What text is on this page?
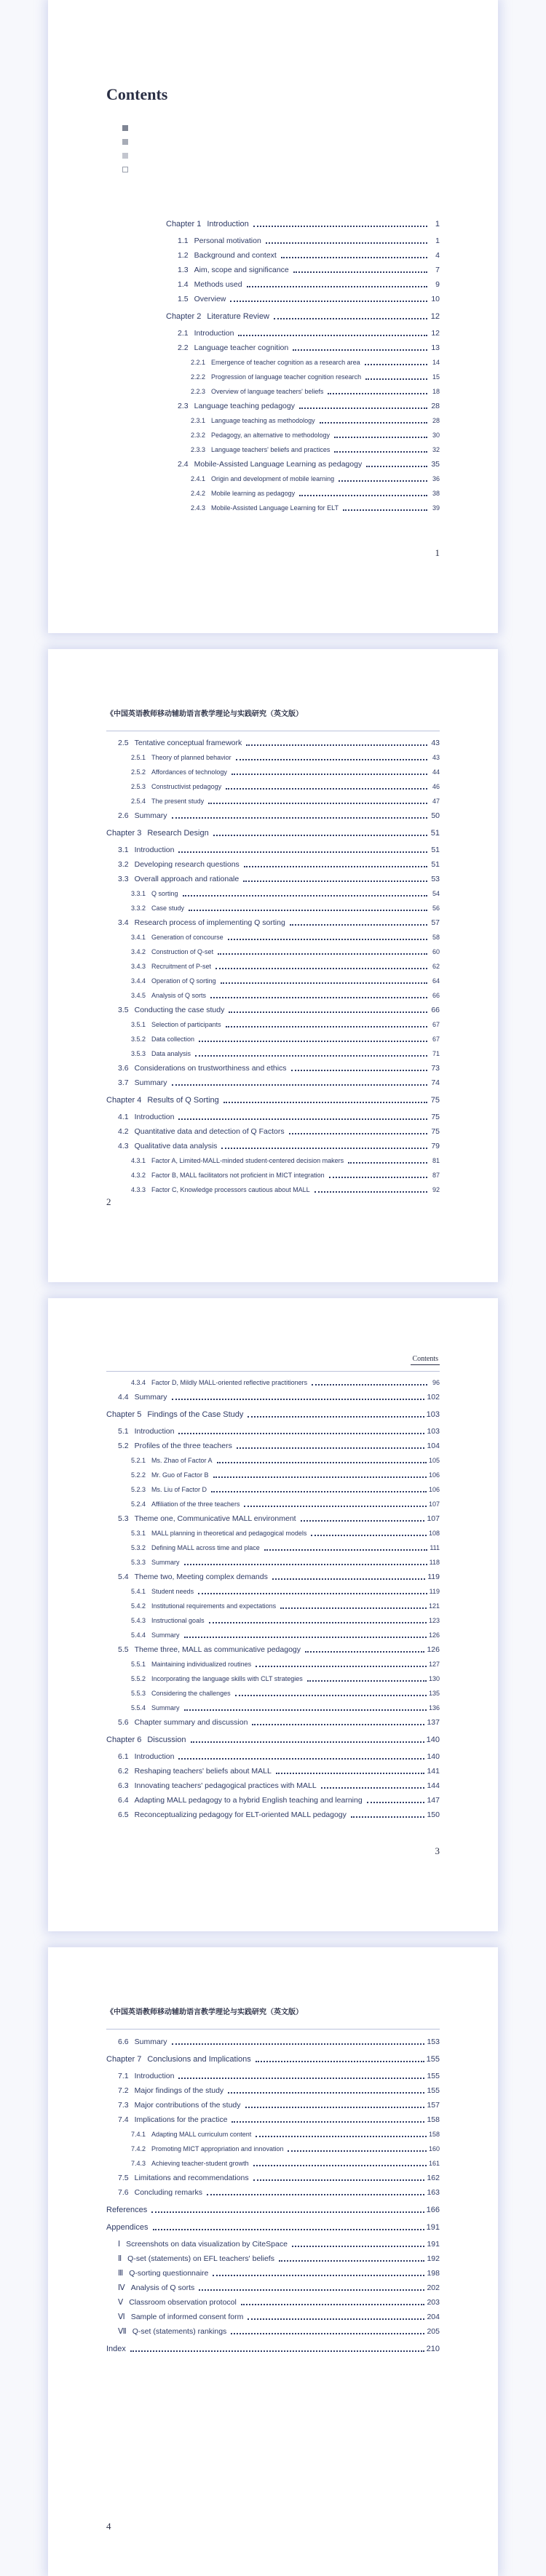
Contents
Chapter 1 Introduction	1
1.1 Personal motivation	1
1.2 Background and context	4
1.3 Aim, scope and significance	7
1.4 Methods used	9
1.5 Overview	10
Chapter 2 Literature Review	12
2.1 Introduction	12
2.2 Language teacher cognition	13
2.2.1 Emergence of teacher cognition as a research area	14
2.2.2 Progression of language teacher cognition research	15
2.2.3 Overview of language teachers' beliefs	18
2.3 Language teaching pedagogy	28
2.3.1 Language teaching as methodology	28
2.3.2 Pedagogy, an alternative to methodology	30
2.3.3 Language teachers' beliefs and practices	32
2.4 Mobile-Assisted Language Learning as pedagogy	35
2.4.1 Origin and development of mobile learning	36
2.4.2 Mobile learning as pedagogy	38
2.4.3 Mobile-Assisted Language Learning for ELT	39
1
《中国英语教师移动辅助语言教学理论与实践研究（英文版）
2.5 Tentative conceptual framework	43
2.5.1 Theory of planned behavior	43
2.5.2 Affordances of technology	44
2.5.3 Constructivist pedagogy	46
2.5.4 The present study	47
2.6 Summary	50
Chapter 3 Research Design	51
3.1 Introduction	51
3.2 Developing research questions	51
3.3 Overall approach and rationale	53
3.3.1 Q sorting	54
3.3.2 Case study	56
3.4 Research process of implementing Q sorting	57
3.4.1 Generation of concourse	58
3.4.2 Construction of Q-set	60
3.4.3 Recruitment of P-set	62
3.4.4 Operation of Q sorting	64
3.4.5 Analysis of Q sorts	66
3.5 Conducting the case study	66
3.5.1 Selection of participants	67
3.5.2 Data collection	67
3.5.3 Data analysis	71
3.6 Considerations on trustworthiness and ethics	73
3.7 Summary	74
Chapter 4 Results of Q Sorting	75
4.1 Introduction	75
4.2 Quantitative data and detection of Q Factors	75
4.3 Qualitative data analysis	79
4.3.1 Factor A, Limited-MALL-minded student-centered decision makers	81
4.3.2 Factor B, MALL facilitators not proficient in MICT integration	87
4.3.3 Factor C, Knowledge processors cautious about MALL	92
2
Contents
4.3.4 Factor D, Mildly MALL-oriented reflective practitioners	96
4.4 Summary	102
Chapter 5 Findings of the Case Study	103
5.1 Introduction	103
5.2 Profiles of the three teachers	104
5.2.1 Ms. Zhao of Factor A	105
5.2.2 Mr. Guo of Factor B	106
5.2.3 Ms. Liu of Factor D	106
5.2.4 Affiliation of the three teachers	107
5.3 Theme one, Communicative MALL environment	107
5.3.1 MALL planning in theoretical and pedagogical models	108
5.3.2 Defining MALL across time and place	111
5.3.3 Summary	118
5.4 Theme two, Meeting complex demands	119
5.4.1 Student needs	119
5.4.2 Institutional requirements and expectations	121
5.4.3 Instructional goals	123
5.4.4 Summary	126
5.5 Theme three, MALL as communicative pedagogy	126
5.5.1 Maintaining individualized routines	127
5.5.2 Incorporating the language skills with CLT strategies	130
5.5.3 Considering the challenges	135
5.5.4 Summary	136
5.6 Chapter summary and discussion	137
Chapter 6 Discussion	140
6.1 Introduction	140
6.2 Reshaping teachers' beliefs about MALL	141
6.3 Innovating teachers' pedagogical practices with MALL	144
6.4 Adapting MALL pedagogy to a hybrid English teaching and learning	147
6.5 Reconceptualizing pedagogy for ELT-oriented MALL pedagogy	150
3
《中国英语教师移动辅助语言教学理论与实践研究（英文版）
6.6 Summary	153
Chapter 7 Conclusions and Implications	155
7.1 Introduction	155
7.2 Major findings of the study	155
7.3 Major contributions of the study	157
7.4 Implications for the practice	158
7.4.1 Adapting MALL curriculum content	158
7.4.2 Promoting MICT appropriation and innovation	160
7.4.3 Achieving teacher-student growth	161
7.5 Limitations and recommendations	162
7.6 Concluding remarks	163
References	166
Appendices	191
Ⅰ Screenshots on data visualization by CiteSpace	191
Ⅱ Q-set (statements) on EFL teachers' beliefs	192
Ⅲ Q-sorting questionnaire	198
Ⅳ Analysis of Q sorts	202
Ⅴ Classroom observation protocol	203
Ⅵ Sample of informed consent form	204
Ⅶ Q-set (statements) rankings	205
Index	210
4
